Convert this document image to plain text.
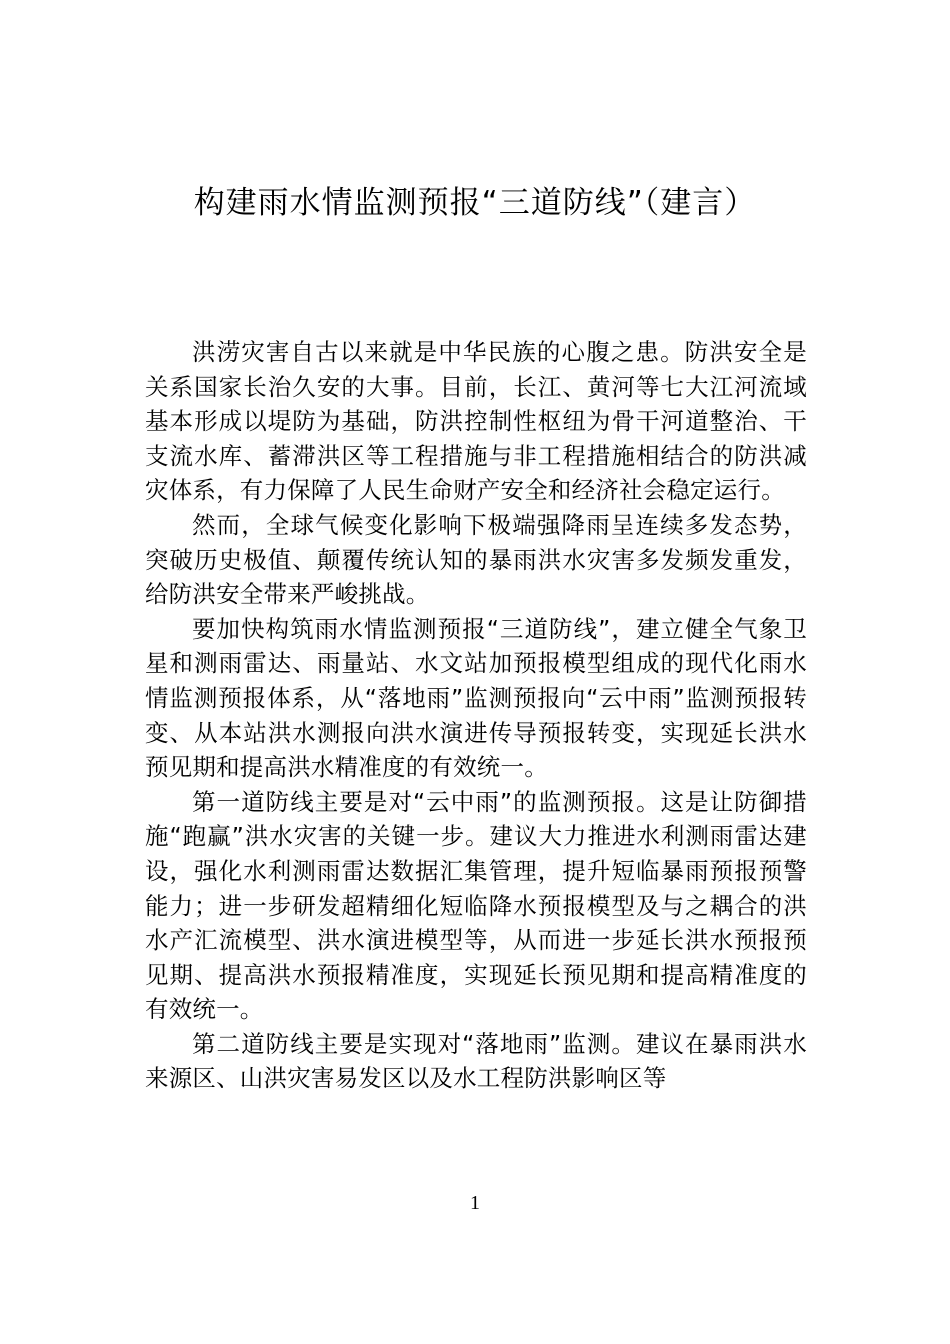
构建雨水情监测预报“三道防线”（建言）

洪涝灾害自古以来就是中华民族的心腹之患。防洪安全是关系国家长治久安的大事。目前，长江、黄河等七大江河流域基本形成以堤防为基础，防洪控制性枢纽为骨干河道整治、干支流水库、蓄滞洪区等工程措施与非工程措施相结合的防洪减灾体系，有力保障了人民生命财产安全和经济社会稳定运行。

然而，全球气候变化影响下极端强降雨呈连续多发态势，突破历史极值、颠覆传统认知的暴雨洪水灾害多发频发重发，给防洪安全带来严峻挑战。

要加快构筑雨水情监测预报“三道防线”，建立健全气象卫星和测雨雷达、雨量站、水文站加预报模型组成的现代化雨水情监测预报体系，从“落地雨”监测预报向“云中雨”监测预报转变、从本站洪水测报向洪水演进传导预报转变，实现延长洪水预见期和提高洪水精准度的有效统一。

第一道防线主要是对“云中雨”的监测预报。这是让防御措施“跑赢”洪水灾害的关键一步。建议大力推进水利测雨雷达建设，强化水利测雨雷达数据汇集管理，提升短临暴雨预报预警能力；进一步研发超精细化短临降水预报模型及与之耦合的洪水产汇流模型、洪水演进模型等，从而进一步延长洪水预报预见期、提高洪水预报精准度，实现延长预见期和提高精准度的有效统一。

第二道防线主要是实现对“落地雨”监测。建议在暴雨洪水来源区、山洪灾害易发区以及水工程防洪影响区等

1
